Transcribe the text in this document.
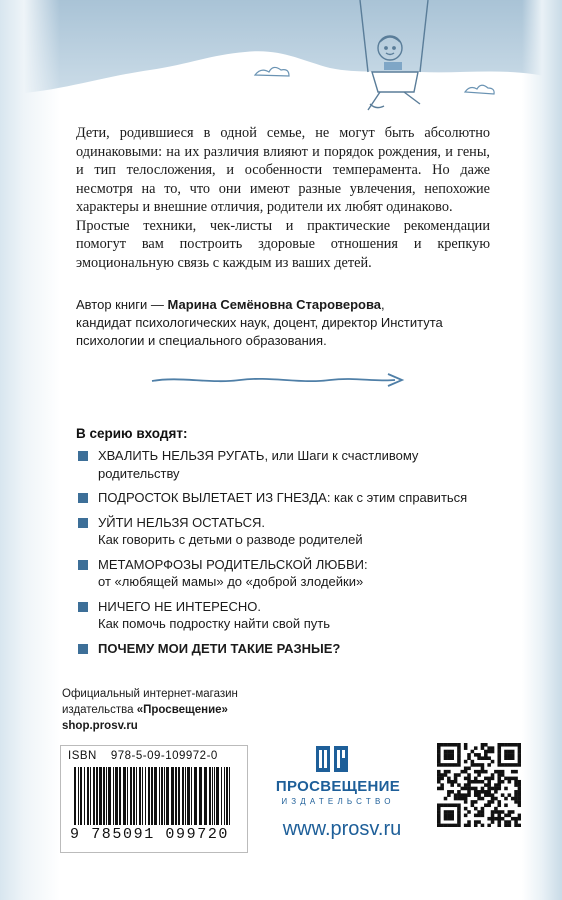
Дети, родившиеся в одной семье, не могут быть абсолютно одинаковыми: на их различия влияют и порядок рождения, и гены, и тип телосложения, и особенности темперамента. Но даже несмотря на то, что они имеют разные увлечения, непохожие характеры и внешние отличия, родители их любят одинаково.

Простые техники, чек-листы и практические рекомендации помогут вам построить здоровые отношения и крепкую эмоциональную связь с каждым из ваших детей.

Автор книги — Марина Семёновна Староверова,
кандидат психологических наук, доцент, директор Института психологии и специального образования.
В серию входят:
ХВАЛИТЬ НЕЛЬЗЯ РУГАТЬ, или Шаги к счастливому родительству
ПОДРОСТОК ВЫЛЕТАЕТ ИЗ ГНЕЗДА: как с этим справиться
УЙТИ НЕЛЬЗЯ ОСТАТЬСЯ.
Как говорить с детьми о разводе родителей
МЕТАМОРФОЗЫ РОДИТЕЛЬСКОЙ ЛЮБВИ:
от «любящей мамы» до «доброй злодейки»
НИЧЕГО НЕ ИНТЕРЕСНО.
Как помочь подростку найти свой путь
ПОЧЕМУ МОИ ДЕТИ ТАКИЕ РАЗНЫЕ?
Официальный интернет-магазин
издательства «Просвещение»
shop.prosv.ru
ISBN 978-5-09-109972-0
9 785091 099720
ПРОСВЕЩЕНИЕ
ИЗДАТЕЛЬСТВО
www.prosv.ru
